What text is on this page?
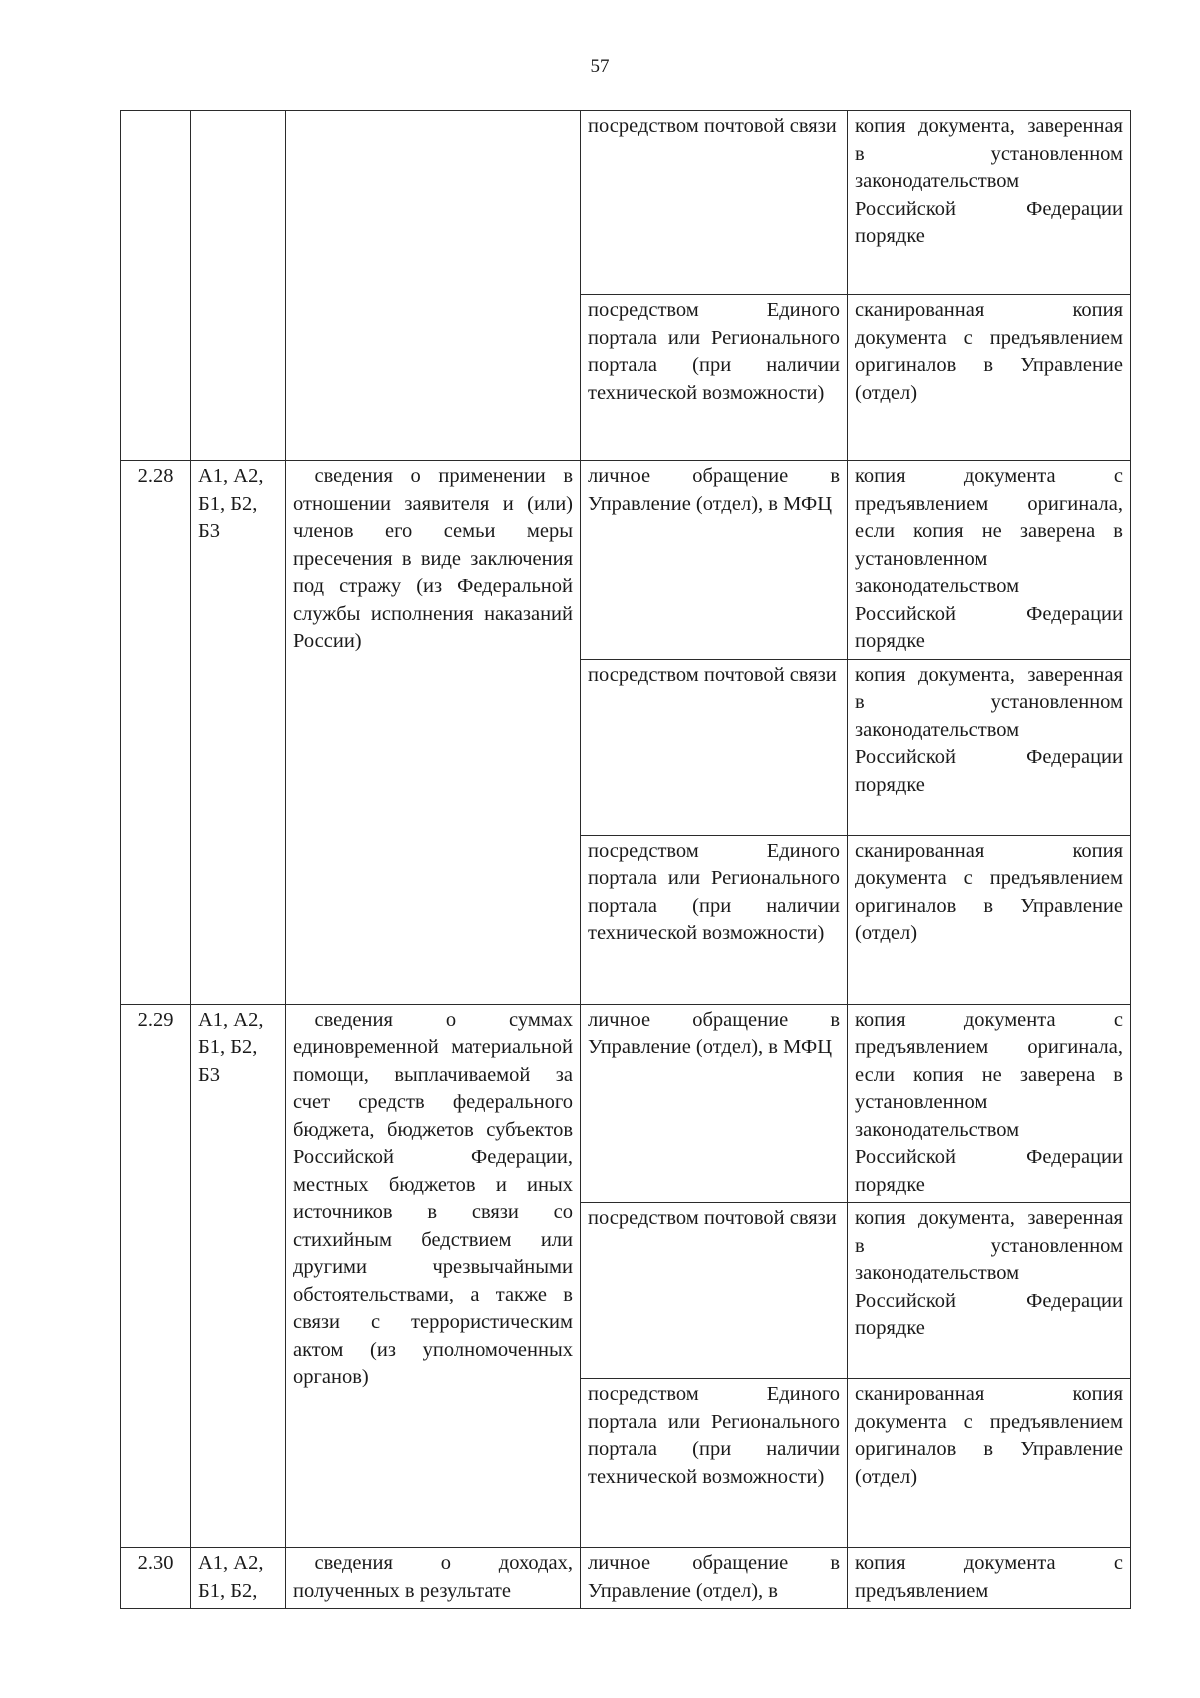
57
			посредством почтовой связи	копия документа, заверенная в установленном законодательством Российской Федерации порядке
			посредством Единого портала или Регионального портала (при наличии технической возможности)	сканированная копия документа с предъявлением оригиналов в Управление (отдел)
2.28	А1, А2, Б1, Б2, Б3	сведения о применении в отношении заявителя и (или) членов его семьи меры пресечения в виде заключения под стражу (из Федеральной службы исполнения наказаний России)	личное обращение в Управление (отдел), в МФЦ	копия документа с предъявлением оригинала, если копия не заверена в установленном законодательством Российской Федерации порядке
			посредством почтовой связи	копия документа, заверенная в установленном законодательством Российской Федерации порядке
			посредством Единого портала или Регионального портала (при наличии технической возможности)	сканированная копия документа с предъявлением оригиналов в Управление (отдел)
2.29	А1, А2, Б1, Б2, Б3	сведения о суммах единовременной материальной помощи, выплачиваемой за счет средств федерального бюджета, бюджетов субъектов Российской Федерации, местных бюджетов и иных источников в связи со стихийным бедствием или другими чрезвычайными обстоятельствами, а также в связи с террористическим актом (из уполномоченных органов)	личное обращение в Управление (отдел), в МФЦ	копия документа с предъявлением оригинала, если копия не заверена в установленном законодательством Российской Федерации порядке
			посредством почтовой связи	копия документа, заверенная в установленном законодательством Российской Федерации порядке
			посредством Единого портала или Регионального портала (при наличии технической возможности)	сканированная копия документа с предъявлением оригиналов в Управление (отдел)
2.30	А1, А2, Б1, Б2,	сведения о доходах, полученных в результате	личное обращение в Управление (отдел), в	копия документа с предъявлением
